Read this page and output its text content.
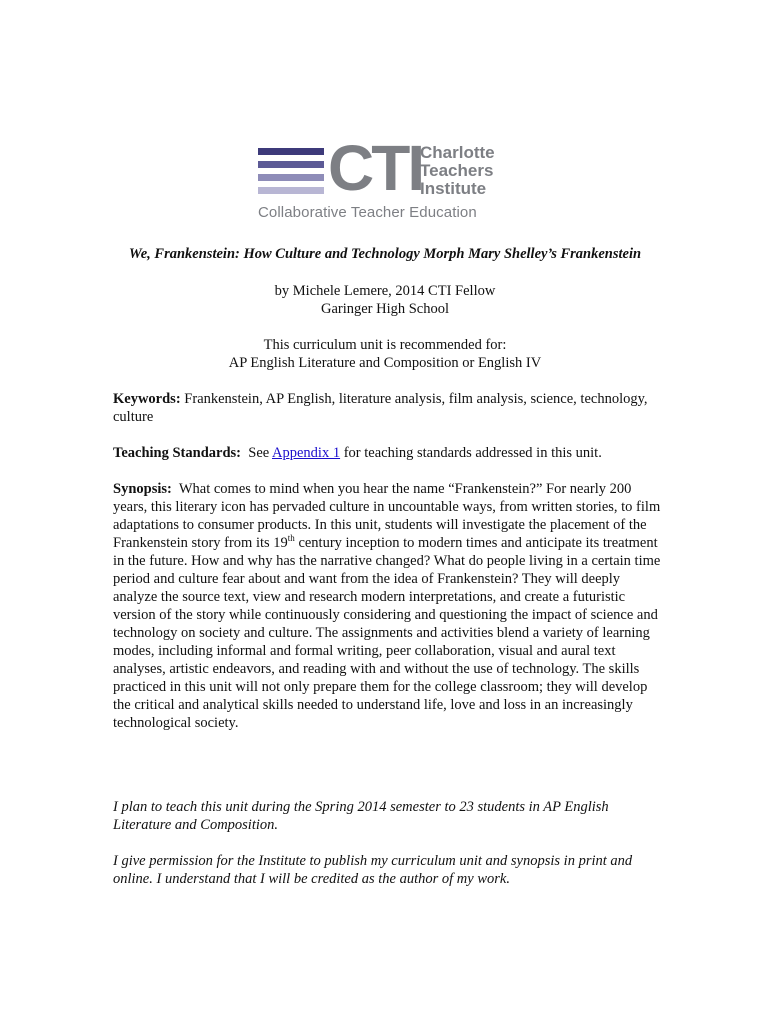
CTI
Charlotte
Teachers
Institute
Collaborative Teacher Education
We, Frankenstein: How Culture and Technology Morph Mary Shelley’s Frankenstein
by Michele Lemere, 2014 CTI Fellow
Garinger High School
This curriculum unit is recommended for:
AP English Literature and Composition or English IV
Keywords: Frankenstein, AP English, literature analysis, film analysis, science, technology, culture
Teaching Standards:  See Appendix 1 for teaching standards addressed in this unit.
Synopsis:  What comes to mind when you hear the name “Frankenstein?” For nearly 200 years, this literary icon has pervaded culture in uncountable ways, from written stories, to film adaptations to consumer products. In this unit, students will investigate the placement of the Frankenstein story from its 19th century inception to modern times and anticipate its treatment in the future. How and why has the narrative changed? What do people living in a certain time period and culture fear about and want from the idea of Frankenstein? They will deeply analyze the source text, view and research modern interpretations, and create a futuristic version of the story while continuously considering and questioning the impact of science and technology on society and culture. The assignments and activities blend a variety of learning modes, including informal and formal writing, peer collaboration, visual and aural text analyses, artistic endeavors, and reading with and without the use of technology. The skills practiced in this unit will not only prepare them for the college classroom; they will develop the critical and analytical skills needed to understand life, love and loss in an increasingly technological society.
I plan to teach this unit during the Spring 2014 semester to 23 students in AP English Literature and Composition.
I give permission for the Institute to publish my curriculum unit and synopsis in print and online. I understand that I will be credited as the author of my work.
